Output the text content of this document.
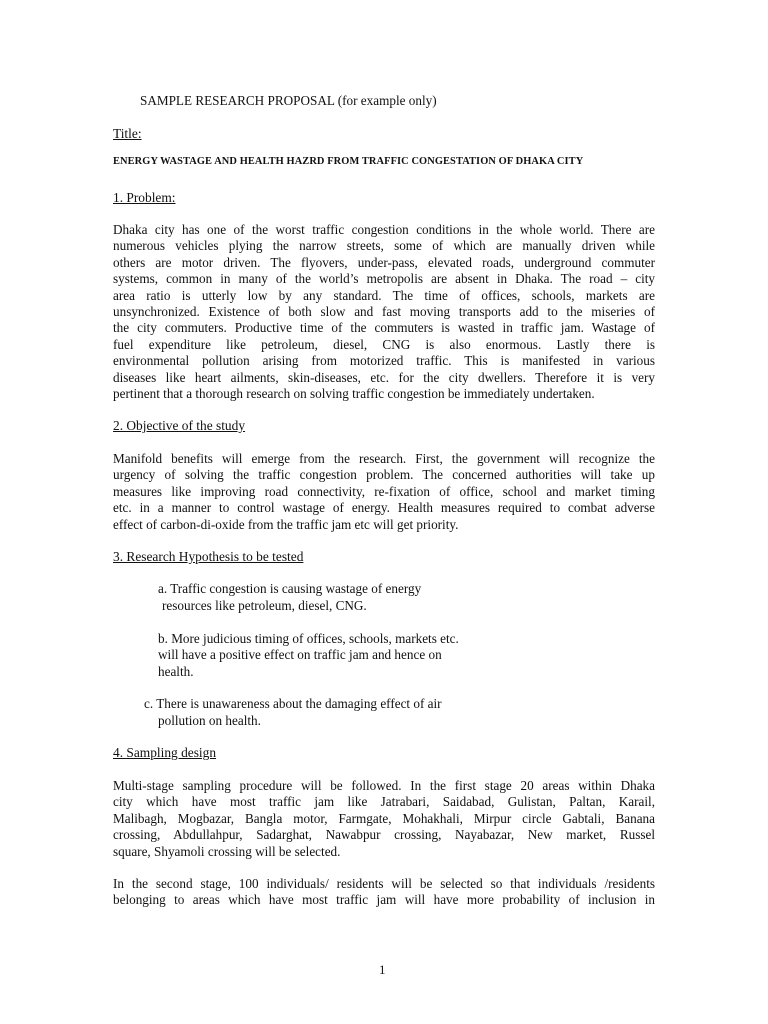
SAMPLE RESEARCH PROPOSAL (for example only)
Title:
ENERGY WASTAGE AND HEALTH HAZRD FROM TRAFFIC CONGESTATION OF DHAKA CITY
1. Problem:
Dhaka city has one of the worst traffic congestion conditions in the whole world. There are
numerous vehicles plying the narrow streets, some of which are manually driven while
others are motor driven. The flyovers, under-pass, elevated roads, underground commuter
systems, common in many of the world’s metropolis are absent in Dhaka. The road – city
area ratio is utterly low by any standard. The time of offices, schools, markets are
unsynchronized. Existence of both slow and fast moving transports add to the miseries of
the city commuters. Productive time of the commuters is wasted in traffic jam. Wastage of
fuel expenditure like petroleum, diesel, CNG is also enormous. Lastly there is
environmental pollution arising from motorized traffic. This is manifested in various
diseases like heart ailments, skin-diseases, etc. for the city dwellers. Therefore it is very
pertinent that a thorough research on solving traffic congestion be immediately undertaken.
2. Objective of the study
Manifold benefits will emerge from the research. First, the government will recognize the
urgency of solving the traffic congestion problem. The concerned authorities will take up
measures like improving road connectivity, re-fixation of office, school and market timing
etc. in a manner to control wastage of energy. Health measures required to combat adverse
effect of carbon-di-oxide from the traffic jam etc will get priority.
3. Research Hypothesis to be tested
a. Traffic congestion is causing wastage of energy
resources like petroleum, diesel, CNG.
b. More judicious timing of offices, schools, markets etc.
will have a positive effect on traffic jam and hence on
health.
c. There is unawareness about the damaging effect of air
pollution on health.
4. Sampling design
Multi-stage sampling procedure will be followed. In the first stage 20 areas within Dhaka
city which have most traffic jam like Jatrabari, Saidabad, Gulistan, Paltan, Karail,
Malibagh, Mogbazar, Bangla motor, Farmgate, Mohakhali, Mirpur circle Gabtali, Banana
crossing, Abdullahpur, Sadarghat, Nawabpur crossing, Nayabazar, New market, Russel
square, Shyamoli crossing will be selected.
In the second stage, 100 individuals/ residents will be selected so that individuals /residents
belonging to areas which have most traffic jam will have more probability of inclusion in
1
